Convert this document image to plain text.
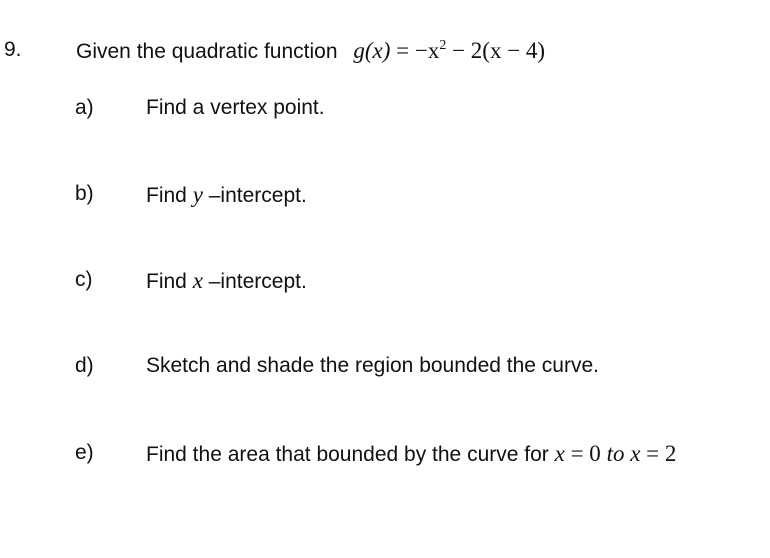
9.	Given the quadratic function $g(x) = -x^2 - 2(x - 4)$
a) Find a vertex point.
b) Find y –intercept.
c)	Find x –intercept.
d) Sketch and shade the region bounded the curve.
e) Find the area that bounded by the curve for x = 0 to x = 2
